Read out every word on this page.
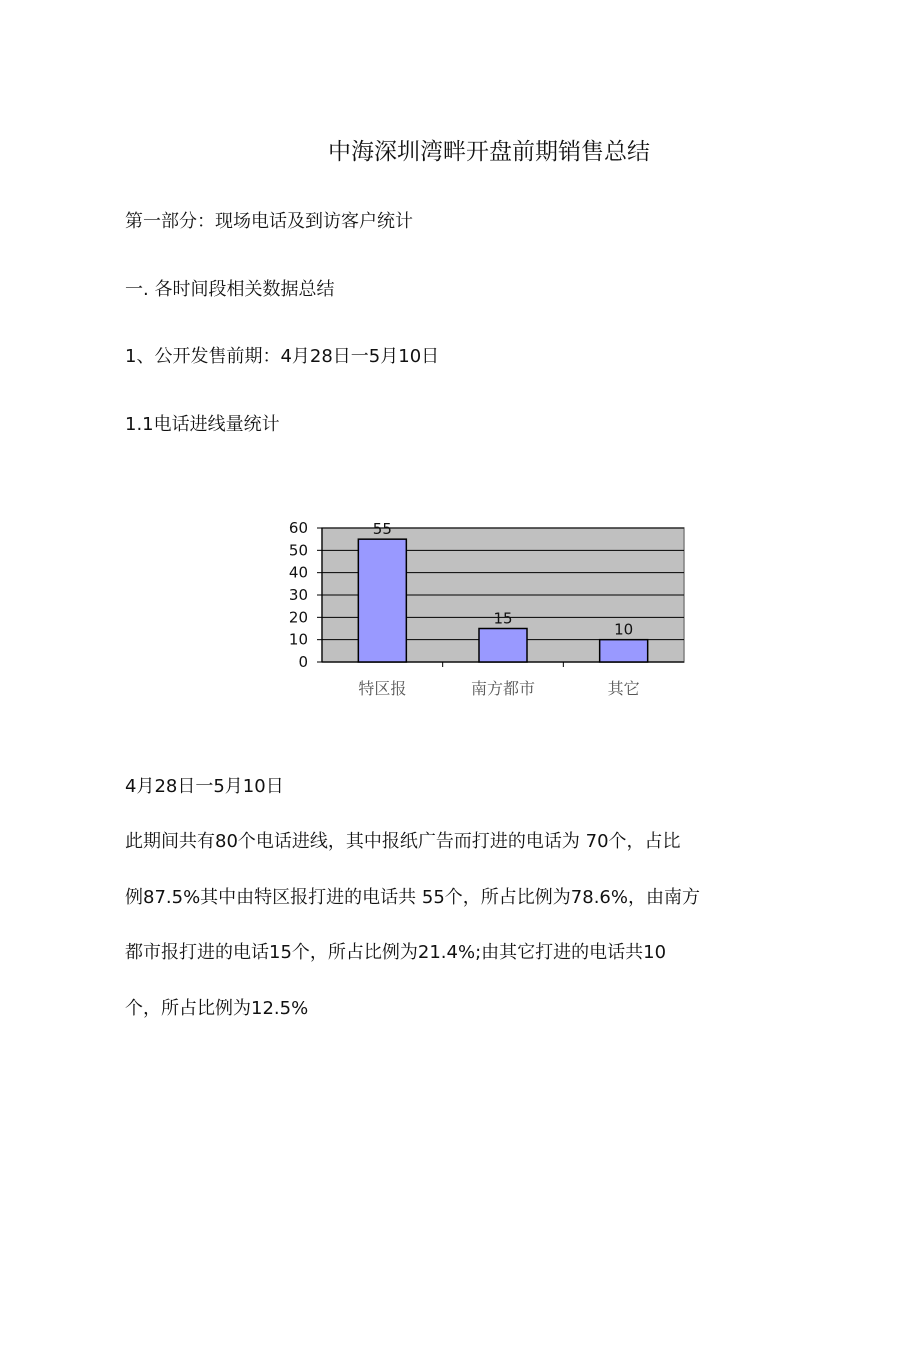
中海深圳湾畔开盘前期销售总结
第一部分：现场电话及到访客户统计
一. 各时间段相关数据总结
1、公开发售前期：4月28日一5月10日
1.1电话进线量统计
0
10
20
30
40
50
60	55
特区报
15
南方都市
10
其它
4月28日一5月10日
此期间共有80个电话进线，其中报纸广告而打进的电话为 70个，占比
例87.5%其中由特区报打进的电话共 55个，所占比例为78.6%，由南方
都市报打进的电话15个，所占比例为21.4%;由其它打进的电话共10
个，所占比例为12.5%
